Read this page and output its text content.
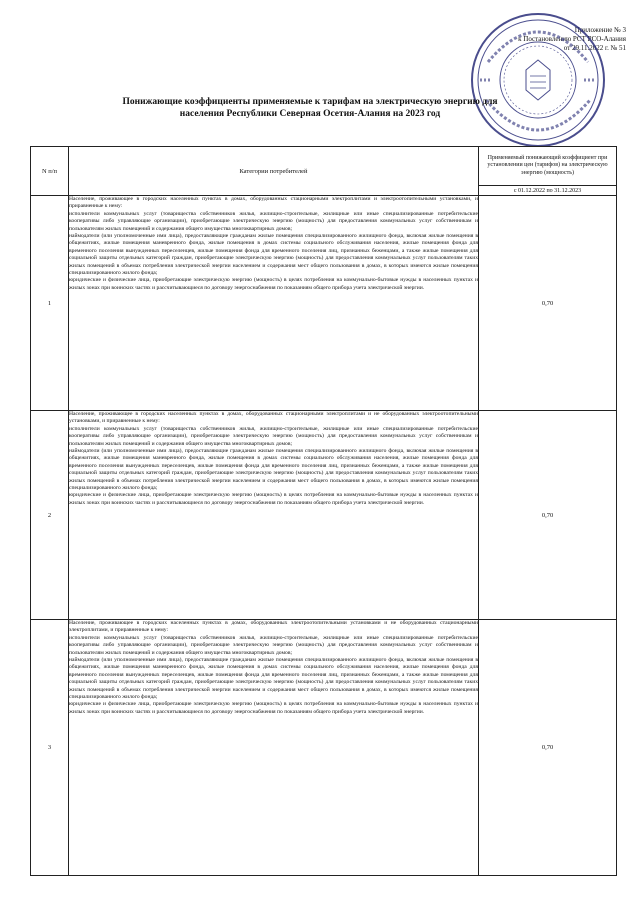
Приложение № 3
к Постановлению РСТ РСО-Алания
от 29.11.2022 г. № 51
Понижающие коэффициенты применяемые к тарифам на электрическую энергию для
населения Республики Северная Осетия-Алания на 2023 год
N п/п	Категории потребителей	Применяемый понижающий коэффициент при установлении цен (тарифов) на электрическую энергию (мощность)
		с 01.12.2022 по 31.12.2023
1	Население, проживающее в городских населенных пунктах в домах, оборудованных стационарными электроплитами и электроотопительными установками, и приравненные к нему:

исполнители коммунальных услуг (товарищества собственников жилья, жилищно-строительные, жилищные или иные специализированные потребительские кооперативы либо управляющие организации), приобретающие электрическую энергию (мощность) для предоставления коммунальных услуг собственникам и пользователям жилых помещений и содержания общего имущества многоквартирных домов;

наймодатели (или уполномоченные ими лица), предоставляющие гражданам жилые помещения специализированного жилищного фонда, включая жилые помещения в общежитиях, жилые помещения маневренного фонда, жилые помещения в домах системы социального обслуживания населения, жилые помещения фонда для временного поселения вынужденных переселенцев, жилые помещения фонда для временного поселения лиц, признанных беженцами, а также жилые помещения для социальной защиты отдельных категорий граждан, приобретающие электрическую энергию (мощность) для предоставления коммунальных услуг пользователям таких жилых помещений в объемах потребления электрической энергии населением и содержания мест общего пользования в домах, в которых имеются жилые помещения специализированного жилого фонда;

юридические и физические лица, приобретающие электрическую энергию (мощность) в целях потребления на коммунально-бытовые нужды в населенных пунктах и жилых зонах при воинских частях и рассчитывающиеся по договору энергоснабжения по показаниям общего прибора учета электрической энергии.	0,70
2	Население, проживающее в городских населенных пунктах в домах, оборудованных стационарными электроплитами и не оборудованных электроотопительными установками, и приравненные к нему:

исполнители коммунальных услуг (товарищества собственников жилья, жилищно-строительные, жилищные или иные специализированные потребительские кооперативы либо управляющие организации), приобретающие электрическую энергию (мощность) для предоставления коммунальных услуг собственникам и пользователям жилых помещений и содержания общего имущества многоквартирных домов;

наймодатели (или уполномоченные ими лица), предоставляющие гражданам жилые помещения специализированного жилищного фонда, включая жилые помещения в общежитиях, жилые помещения маневренного фонда, жилые помещения в домах системы социального обслуживания населения, жилые помещения фонда для временного поселения вынужденных переселенцев, жилые помещения фонда для временного поселения лиц, признанных беженцами, а также жилые помещения для социальной защиты отдельных категорий граждан, приобретающие электрическую энергию (мощность) для предоставления коммунальных услуг пользователям таких жилых помещений в объемах потребления электрической энергии населением и содержания мест общего пользования в домах, в которых имеются жилые помещения специализированного жилого фонда;

юридические и физические лица, приобретающие электрическую энергию (мощность) в целях потребления на коммунально-бытовые нужды в населенных пунктах и жилых зонах при воинских частях и рассчитывающиеся по договору энергоснабжения по показаниям общего прибора учета электрической энергии.	0,70
3	Население, проживающее в городских населенных пунктах в домах, оборудованных электроотопительными установками и не оборудованных стационарными электроплитами, и приравненные к нему:

исполнители коммунальных услуг (товарищества собственников жилья, жилищно-строительные, жилищные или иные специализированные потребительские кооперативы либо управляющие организации), приобретающие электрическую энергию (мощность) для предоставления коммунальных услуг собственникам и пользователям жилых помещений и содержания общего имущества многоквартирных домов;

наймодатели (или уполномоченные ими лица), предоставляющие гражданам жилые помещения специализированного жилищного фонда, включая жилые помещения в общежитиях, жилые помещения маневренного фонда, жилые помещения в домах системы социального обслуживания населения, жилые помещения фонда для временного поселения вынужденных переселенцев, жилые помещения фонда для временного поселения лиц, признанных беженцами, а также жилые помещения для социальной защиты отдельных категорий граждан, приобретающие электрическую энергию (мощность) для предоставления коммунальных услуг пользователям таких жилых помещений в объемах потребления электрической энергии населением и содержания мест общего пользования в домах, в которых имеются жилые помещения специализированного жилого фонда;

юридические и физические лица, приобретающие электрическую энергию (мощность) в целях потребления на коммунально-бытовые нужды в населенных пунктах и жилых зонах при воинских частях и рассчитывающиеся по договору энергоснабжения по показаниям общего прибора учета электрической энергии.	0,70
